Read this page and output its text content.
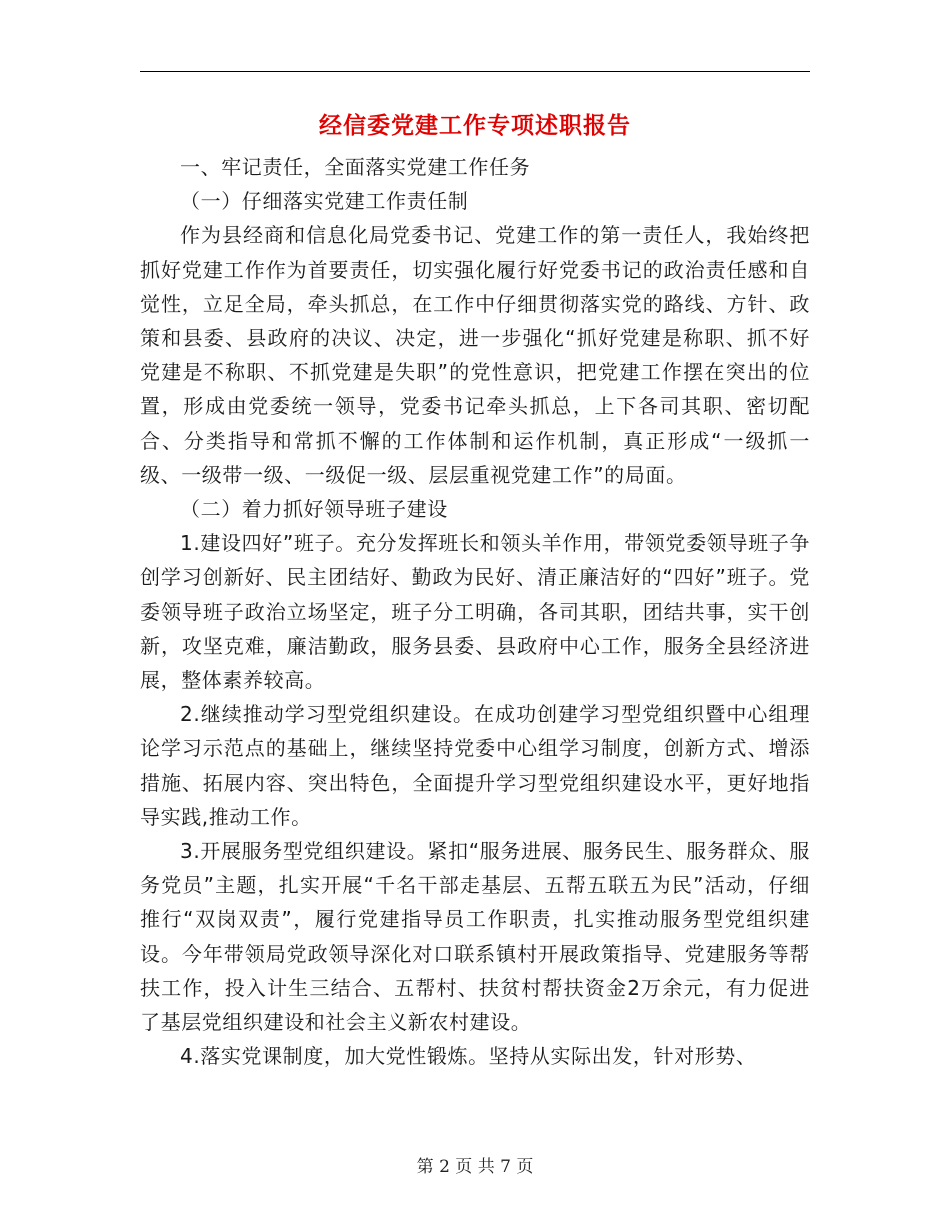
经信委党建工作专项述职报告

一、牢记责任，全面落实党建工作任务

（一）仔细落实党建工作责任制

作为县经商和信息化局党委书记、党建工作的第一责任人，我始终把抓好党建工作作为首要责任，切实强化履行好党委书记的政治责任感和自觉性，立足全局，牵头抓总，在工作中仔细贯彻落实党的路线、方针、政策和县委、县政府的决议、决定，进一步强化“抓好党建是称职、抓不好党建是不称职、不抓党建是失职”的党性意识，把党建工作摆在突出的位置，形成由党委统一领导，党委书记牵头抓总，上下各司其职、密切配合、分类指导和常抓不懈的工作体制和运作机制，真正形成“一级抓一级、一级带一级、一级促一级、层层重视党建工作”的局面。

（二）着力抓好领导班子建设

1.建设四好”班子。充分发挥班长和领头羊作用，带领党委领导班子争创学习创新好、民主团结好、勤政为民好、清正廉洁好的“四好”班子。党委领导班子政治立场坚定，班子分工明确，各司其职，团结共事，实干创新，攻坚克难，廉洁勤政，服务县委、县政府中心工作，服务全县经济进展，整体素养较高。

2.继续推动学习型党组织建设。在成功创建学习型党组织暨中心组理论学习示范点的基础上，继续坚持党委中心组学习制度，创新方式、增添措施、拓展内容、突出特色，全面提升学习型党组织建设水平，更好地指导实践,推动工作。

3.开展服务型党组织建设。紧扣“服务进展、服务民生、服务群众、服务党员”主题，扎实开展“千名干部走基层、五帮五联五为民”活动，仔细推行“双岗双责”，履行党建指导员工作职责，扎实推动服务型党组织建设。今年带领局党政领导深化对口联系镇村开展政策指导、党建服务等帮扶工作，投入计生三结合、五帮村、扶贫村帮扶资金2万余元，有力促进了基层党组织建设和社会主义新农村建设。

4.落实党课制度，加大党性锻炼。坚持从实际出发，针对形势、

第 2 页 共 7 页
